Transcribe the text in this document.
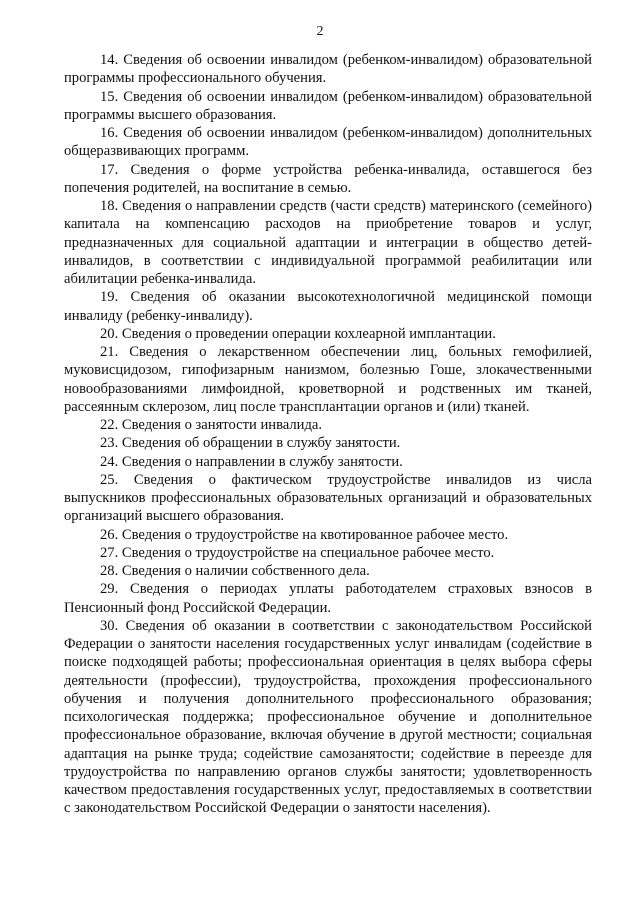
2

14. Сведения об освоении инвалидом (ребенком-инвалидом) образовательной программы профессионального обучения.

15. Сведения об освоении инвалидом (ребенком-инвалидом) образовательной программы высшего образования.

16. Сведения об освоении инвалидом (ребенком-инвалидом) дополнительных общеразвивающих программ.

17. Сведения о форме устройства ребенка-инвалида, оставшегося без попечения родителей, на воспитание в семью.

18. Сведения о направлении средств (части средств) материнского (семейного) капитала на компенсацию расходов на приобретение товаров и услуг, предназначенных для социальной адаптации и интеграции в общество детей-инвалидов, в соответствии с индивидуальной программой реабилитации или абилитации ребенка-инвалида.

19. Сведения об оказании высокотехнологичной медицинской помощи инвалиду (ребенку-инвалиду).

20. Сведения о проведении операции кохлеарной имплантации.

21. Сведения о лекарственном обеспечении лиц, больных гемофилией, муковисцидозом, гипофизарным нанизмом, болезнью Гоше, злокачественными новообразованиями лимфоидной, кроветворной и родственных им тканей, рассеянным склерозом, лиц после трансплантации органов и (или) тканей.

22. Сведения о занятости инвалида.

23. Сведения об обращении в службу занятости.

24. Сведения о направлении в службу занятости.

25. Сведения о фактическом трудоустройстве инвалидов из числа выпускников профессиональных образовательных организаций и образовательных организаций высшего образования.

26. Сведения о трудоустройстве на квотированное рабочее место.

27. Сведения о трудоустройстве на специальное рабочее место.

28. Сведения о наличии собственного дела.

29. Сведения о периодах уплаты работодателем страховых взносов в Пенсионный фонд Российской Федерации.

30. Сведения об оказании в соответствии с законодательством Российской Федерации о занятости населения государственных услуг инвалидам (содействие в поиске подходящей работы; профессиональная ориентация в целях выбора сферы деятельности (профессии), трудоустройства, прохождения профессионального обучения и получения дополнительного профессионального образования; психологическая поддержка; профессиональное обучение и дополнительное профессиональное образование, включая обучение в другой местности; социальная адаптация на рынке труда; содействие самозанятости; содействие в переезде для трудоустройства по направлению органов службы занятости; удовлетворенность качеством предоставления государственных услуг, предоставляемых в соответствии с законодательством Российской Федерации о занятости населения).
